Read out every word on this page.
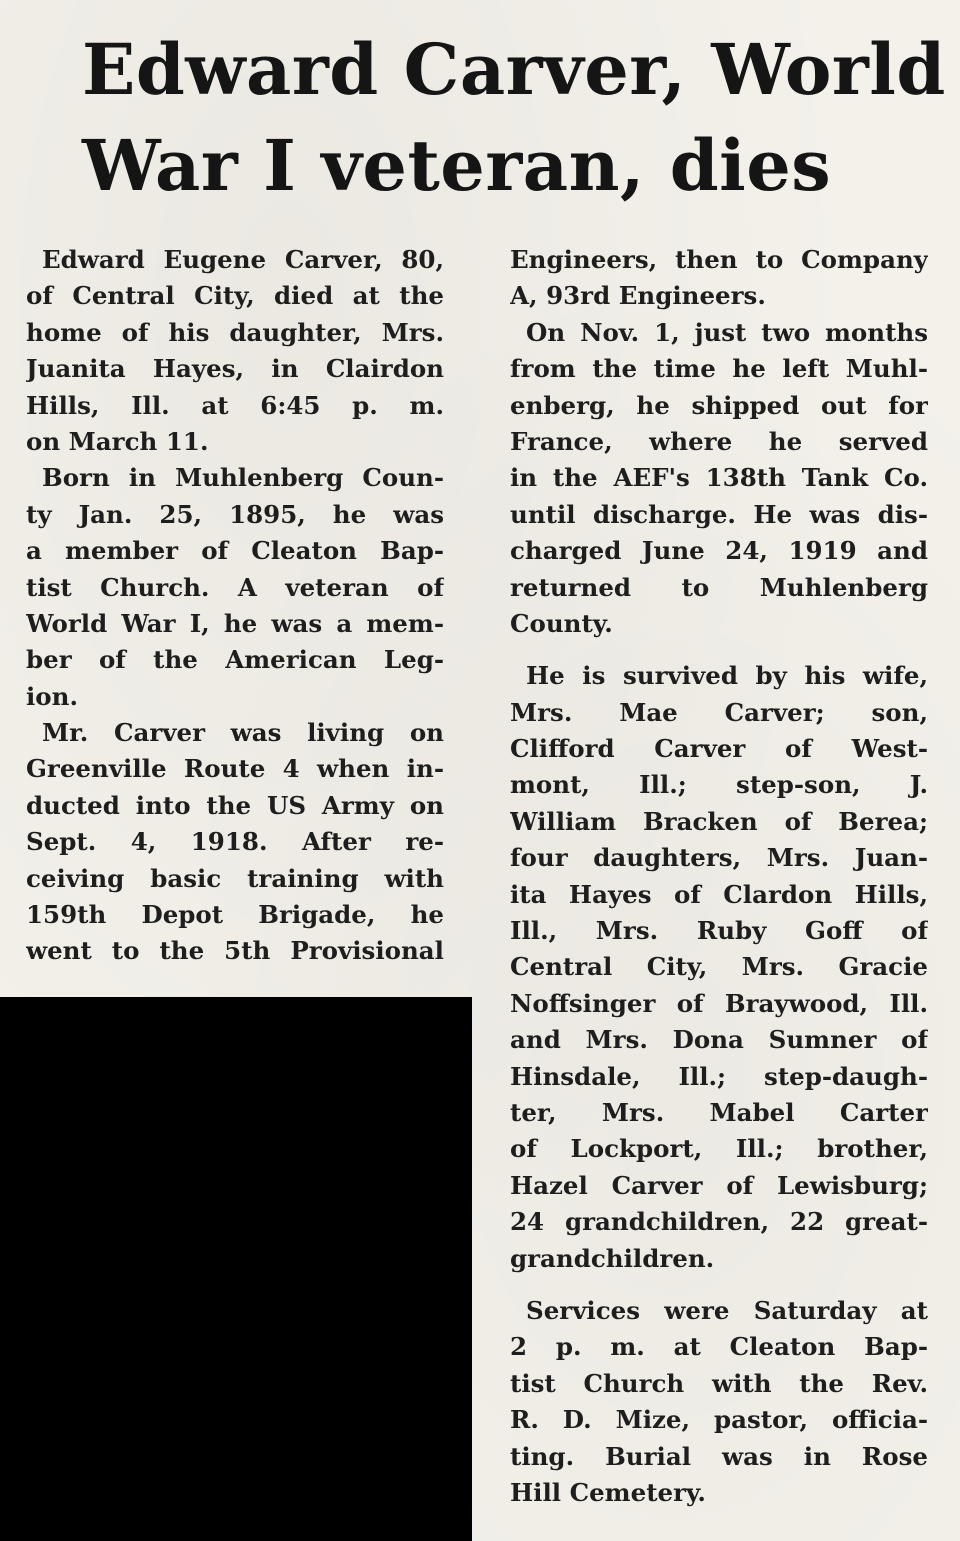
Edward Carver, World
War I veteran, dies
Edward Eugene Carver, 80,
of Central City, died at the
home of his daughter, Mrs.
Juanita Hayes, in Clairdon
Hills, Ill. at 6:45 p. m.
on March 11.
Born in Muhlenberg Coun-
ty Jan. 25, 1895, he was
a member of Cleaton Bap-
tist Church. A veteran of
World War I, he was a mem-
ber of the American Leg-
ion.
Mr. Carver was living on
Greenville Route 4 when in-
ducted into the US Army on
Sept. 4, 1918. After re-
ceiving basic training with
159th Depot Brigade, he
went to the 5th Provisional
Engineers, then to Company
A, 93rd Engineers.
On Nov. 1, just two months
from the time he left Muhl-
enberg, he shipped out for
France, where he served
in the AEF's 138th Tank Co.
until discharge. He was dis-
charged June 24, 1919 and
returned to Muhlenberg
County.
He is survived by his wife,
Mrs. Mae Carver; son,
Clifford Carver of West-
mont, Ill.; step-son, J.
William Bracken of Berea;
four daughters, Mrs. Juan-
ita Hayes of Clardon Hills,
Ill., Mrs. Ruby Goff of
Central City, Mrs. Gracie
Noffsinger of Braywood, Ill.
and Mrs. Dona Sumner of
Hinsdale, Ill.; step-daugh-
ter, Mrs. Mabel Carter
of Lockport, Ill.; brother,
Hazel Carver of Lewisburg;
24 grandchildren, 22 great-
grandchildren.
Services were Saturday at
2 p. m. at Cleaton Bap-
tist Church with the Rev.
R. D. Mize, pastor, officia-
ting. Burial was in Rose
Hill Cemetery.
